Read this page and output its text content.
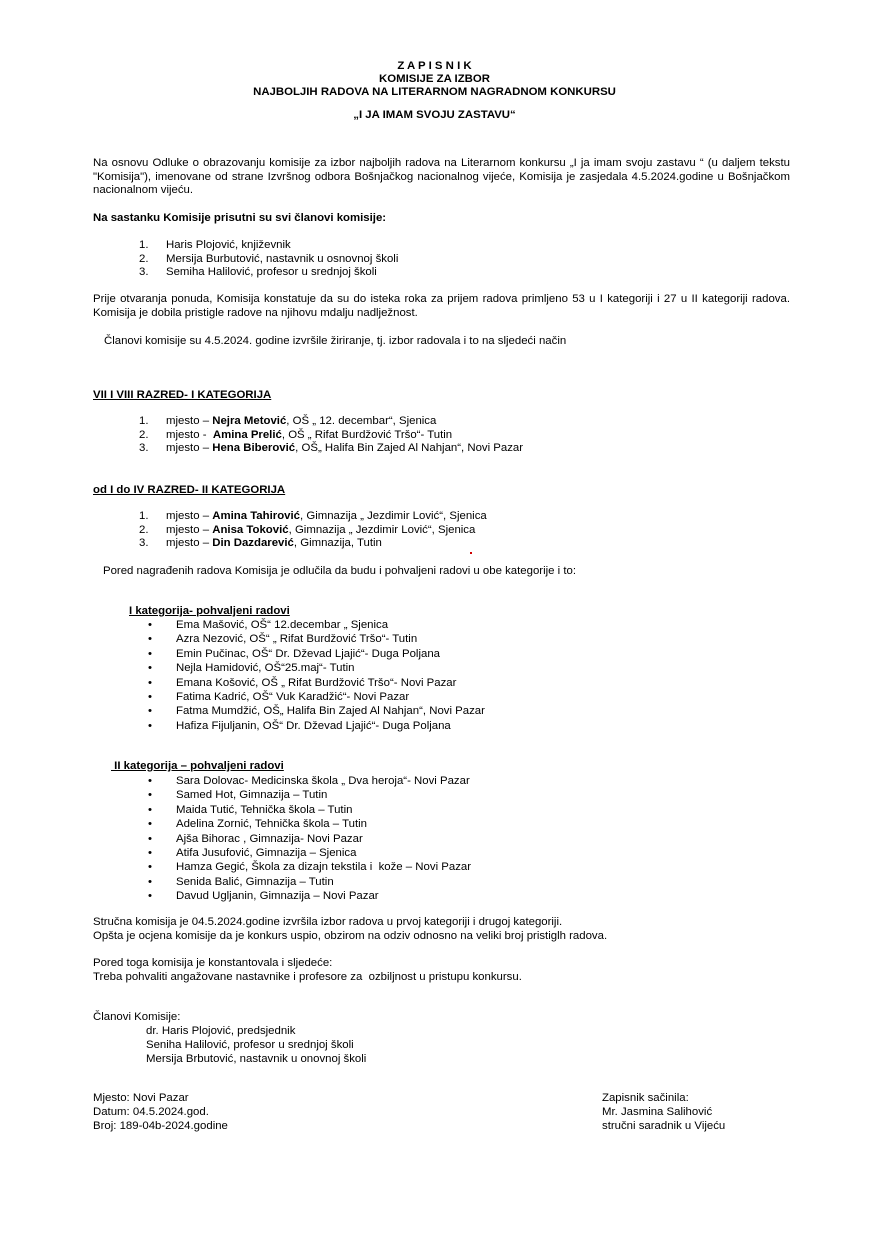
Z A P I S N I K
KOMISIJE ZA IZBOR
NAJBOLJIH RADOVA NA LITERARNOM NAGRADNOM KONKURSU
„I JA IMAM SVOJU ZASTAVU“
Na osnovu Odluke o obrazovanju komisije za izbor najboljih radova na Literarnom konkursu „I ja imam svoju zastavu “ (u daljem tekstu "Komisija"), imenovane od strane Izvršnog odbora Bošnjačkog nacionalnog vijeće, Komisija je zasjedala 4.5.2024.godine u Bošnjačkom nacionalnom vijeću.
Na sastanku Komisije prisutni su svi članovi komisije:
1. Haris Plojović, književnik
2. Mersija Burbutović, nastavnik u osnovnoj školi
3. Semiha Halilović, profesor u srednjoj školi
Prije otvaranja ponuda, Komisija konstatuje da su do isteka roka za prijem radova primljeno 53 u I kategoriji i 27 u II kategoriji radova. Komisija je dobila pristigle radove na njihovu mdalju nadlježnost.
Članovi komisije su 4.5.2024. godine izvršile žiriranje, tj. izbor radovala i to na sljedeći način
VII I VIII RAZRED- I KATEGORIJA
1. mjesto – Nejra Metović, OŠ „ 12. decembar“, Sjenica
2. mjesto -  Amina Prelić, OŠ „ Rifat Burdžović Tršo“- Tutin
3. mjesto – Hena Biberović, OŠ„ Halifa Bin Zajed Al Nahjan“, Novi Pazar
od I do IV RAZRED- II KATEGORIJA
1. mjesto – Amina Tahirović, Gimnazija „ Jezdimir Lović“, Sjenica
2. mjesto – Anisa Toković, Gimnazija „ Jezdimir Lović“, Sjenica
3. mjesto – Din Dazdarević, Gimnazija, Tutin
Pored nagrađenih radova Komisija je odlučila da budu i pohvaljeni radovi u obe kategorije i to:
I kategorija- pohvaljeni radovi
• Ema Mašović, OŠ“ 12.decembar „ Sjenica
• Azra Nezović, OŠ“ „ Rifat Burdžović Tršo“- Tutin
• Emin Pučinac, OŠ“ Dr. Dževad Ljajić“- Duga Poljana
• Nejla Hamidović, OŠ“25.maj“- Tutin
• Emana Košović, OŠ „ Rifat Burdžović Tršo“- Novi Pazar
• Fatima Kadrić, OŠ“ Vuk Karadžić“- Novi Pazar
• Fatma Mumdžić, OŠ„ Halifa Bin Zajed Al Nahjan“, Novi Pazar
• Hafiza Fijuljanin, OŠ“ Dr. Dževad Ljajić“- Duga Poljana
II kategorija – pohvaljeni radovi
• Sara Dolovac- Medicinska škola „ Dva heroja“- Novi Pazar
• Samed Hot, Gimnazija – Tutin
• Maida Tutić, Tehnička škola – Tutin
• Adelina Zornić, Tehnička škola – Tutin
• Ajša Bihorac , Gimnazija- Novi Pazar
• Atifa Jusufović, Gimnazija – Sjenica
• Hamza Gegić, Škola za dizajn tekstila i  kože – Novi Pazar
• Senida Balić, Gimnazija – Tutin
• Davud Ugljanin, Gimnazija – Novi Pazar
Stručna komisija je 04.5.2024.godine izvršila izbor radova u prvoj kategoriji i drugoj kategoriji.
Opšta je ocjena komisije da je konkurs uspio, obzirom na odziv odnosno na veliki broj pristiglh radova.
Pored toga komisija je konstantovala i sljedeće:
Treba pohvaliti angažovane nastavnike i profesore za  ozbiljnost u pristupu konkursu.
Članovi Komisije:
dr. Haris Plojović, predsjednik
Seniha Halilović, profesor u srednjoj školi
Mersija Brbutović, nastavnik u onovnoj školi
Mjesto: Novi Pazar
Datum: 04.5.2024.god.
Broj: 189-04b-2024.godine
Zapisnik sačinila:
Mr. Jasmina Salihović
stručni saradnik u Vijeću
